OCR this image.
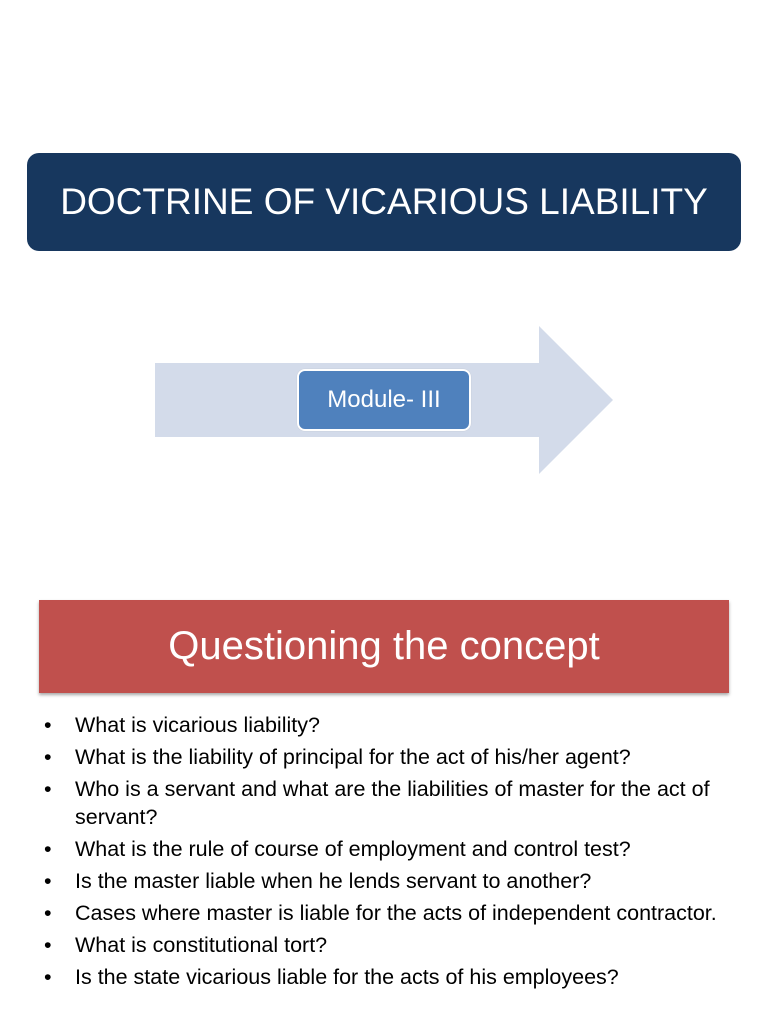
DOCTRINE OF VICARIOUS LIABILITY
Module- III
Questioning the concept
•	What is vicarious liability?
•	What is the liability of principal for the act of his/her agent?
•	Who is a servant and what are the liabilities of master for the act of servant?
•	What is the rule of course of employment and control test?
•	Is the master liable when he lends servant to another?
•	Cases where master is liable for the acts of independent contractor.
•	What is constitutional tort?
•	Is the state vicarious liable for the acts of his employees?
